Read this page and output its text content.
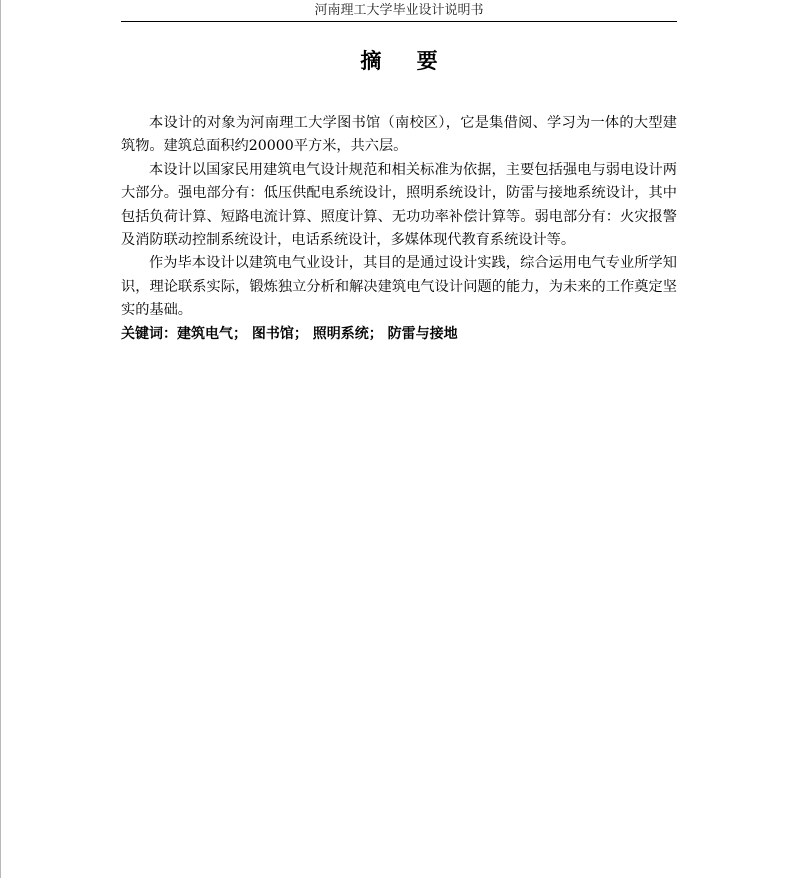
河南理工大学毕业设计说明书
摘 要

本设计的对象为河南理工大学图书馆（南校区），它是集借阅、学习为一体的大型建筑物。建筑总面积约20000平方米，共六层。

本设计以国家民用建筑电气设计规范和相关标准为依据，主要包括强电与弱电设计两大部分。强电部分有：低压供配电系统设计，照明系统设计，防雷与接地系统设计，其中包括负荷计算、短路电流计算、照度计算、无功功率补偿计算等。弱电部分有：火灾报警及消防联动控制系统设计，电话系统设计，多媒体现代教育系统设计等。

作为毕本设计以建筑电气业设计，其目的是通过设计实践，综合运用电气专业所学知识，理论联系实际，锻炼独立分析和解决建筑电气设计问题的能力，为未来的工作奠定坚实的基础。

关键词：建筑电气； 图书馆； 照明系统； 防雷与接地
